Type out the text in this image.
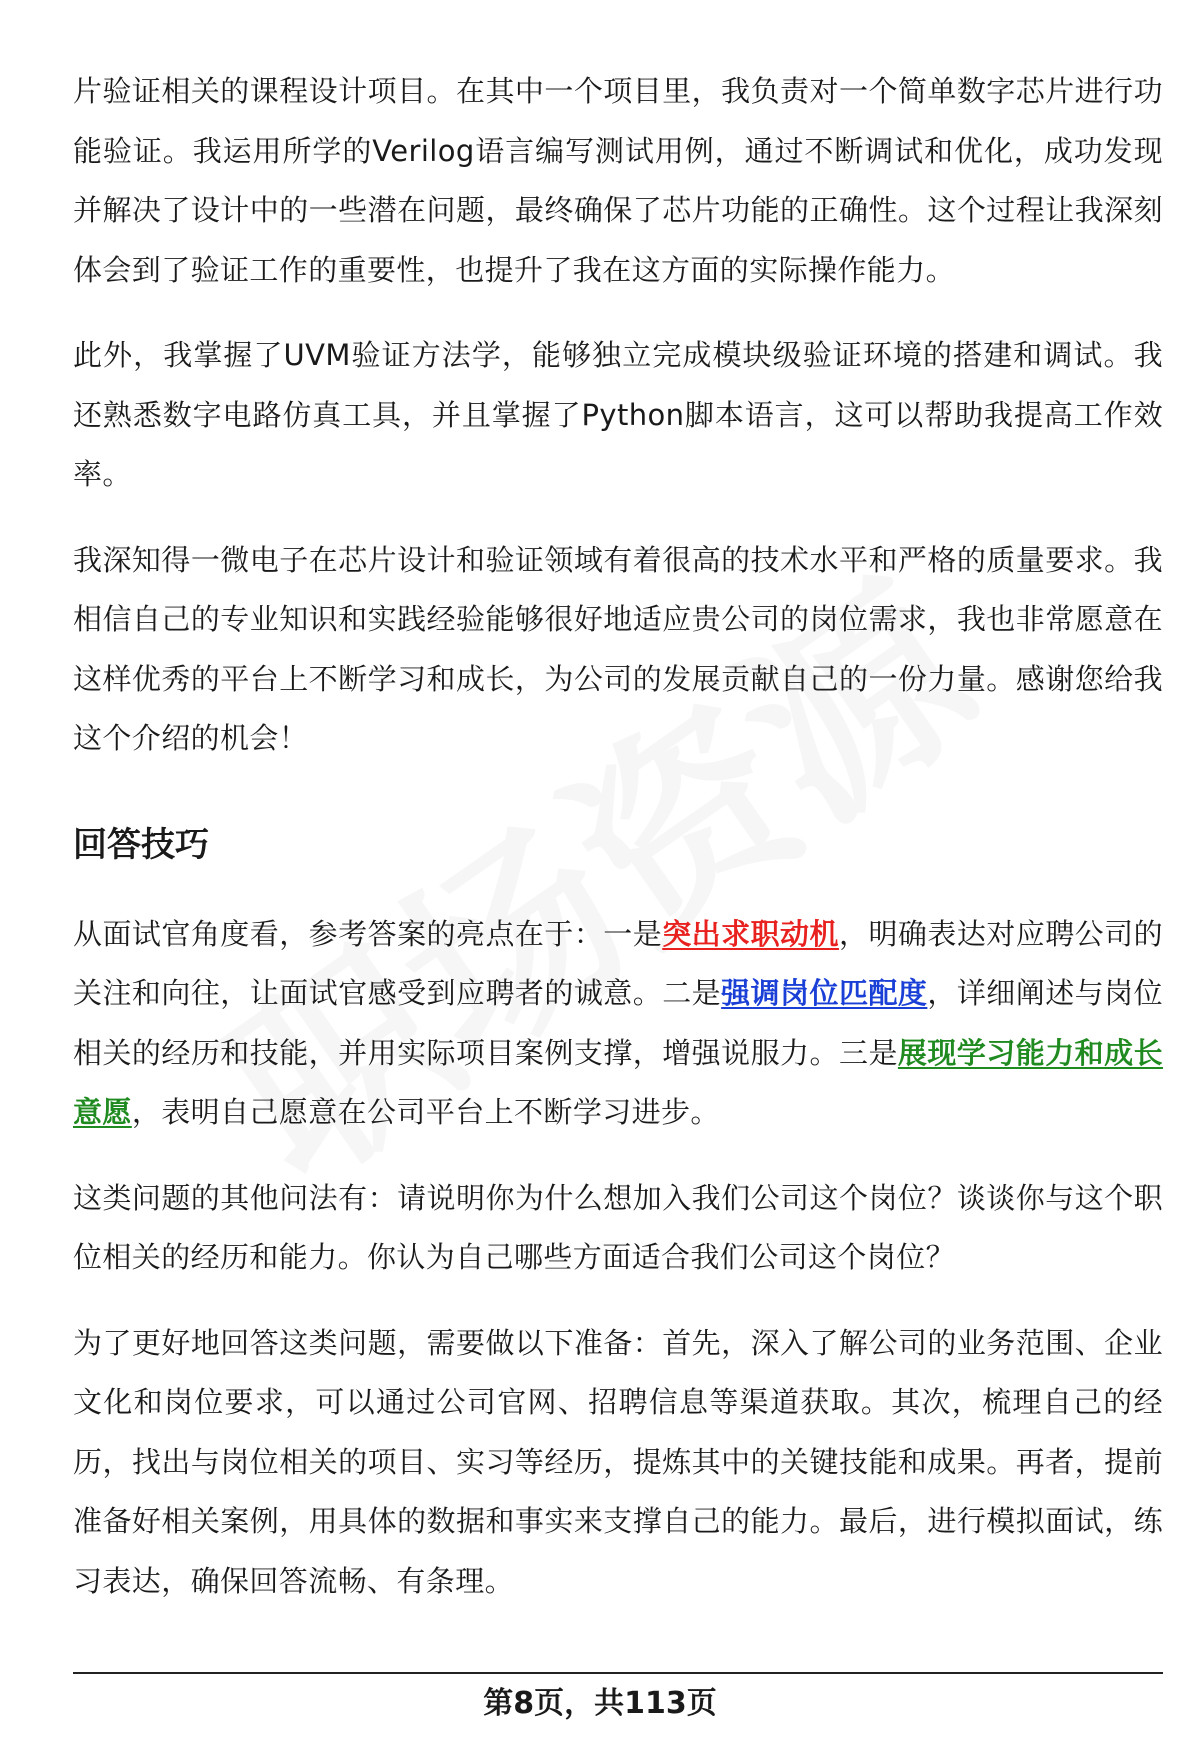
片验证相关的课程设计项目。在其中一个项目里，我负责对一个简单数字芯片进行功能验证。我运用所学的Verilog语言编写测试用例，通过不断调试和优化，成功发现并解决了设计中的一些潜在问题，最终确保了芯片功能的正确性。这个过程让我深刻体会到了验证工作的重要性，也提升了我在这方面的实际操作能力。

此外，我掌握了UVM验证方法学，能够独立完成模块级验证环境的搭建和调试。我还熟悉数字电路仿真工具，并且掌握了Python脚本语言，这可以帮助我提高工作效率。

我深知得一微电子在芯片设计和验证领域有着很高的技术水平和严格的质量要求。我相信自己的专业知识和实践经验能够很好地适应贵公司的岗位需求，我也非常愿意在这样优秀的平台上不断学习和成长，为公司的发展贡献自己的一份力量。感谢您给我这个介绍的机会！

回答技巧

从面试官角度看，参考答案的亮点在于：一是突出求职动机，明确表达对应聘公司的关注和向往，让面试官感受到应聘者的诚意。二是强调岗位匹配度，详细阐述与岗位相关的经历和技能，并用实际项目案例支撑，增强说服力。三是展现学习能力和成长意愿，表明自己愿意在公司平台上不断学习进步。

这类问题的其他问法有：请说明你为什么想加入我们公司这个岗位？谈谈你与这个职位相关的经历和能力。你认为自己哪些方面适合我们公司这个岗位？

为了更好地回答这类问题，需要做以下准备：首先，深入了解公司的业务范围、企业文化和岗位要求，可以通过公司官网、招聘信息等渠道获取。其次，梳理自己的经历，找出与岗位相关的项目、实习等经历，提炼其中的关键技能和成果。再者，提前准备好相关案例，用具体的数据和事实来支撑自己的能力。最后，进行模拟面试，练习表达，确保回答流畅、有条理。

第8页，共113页
